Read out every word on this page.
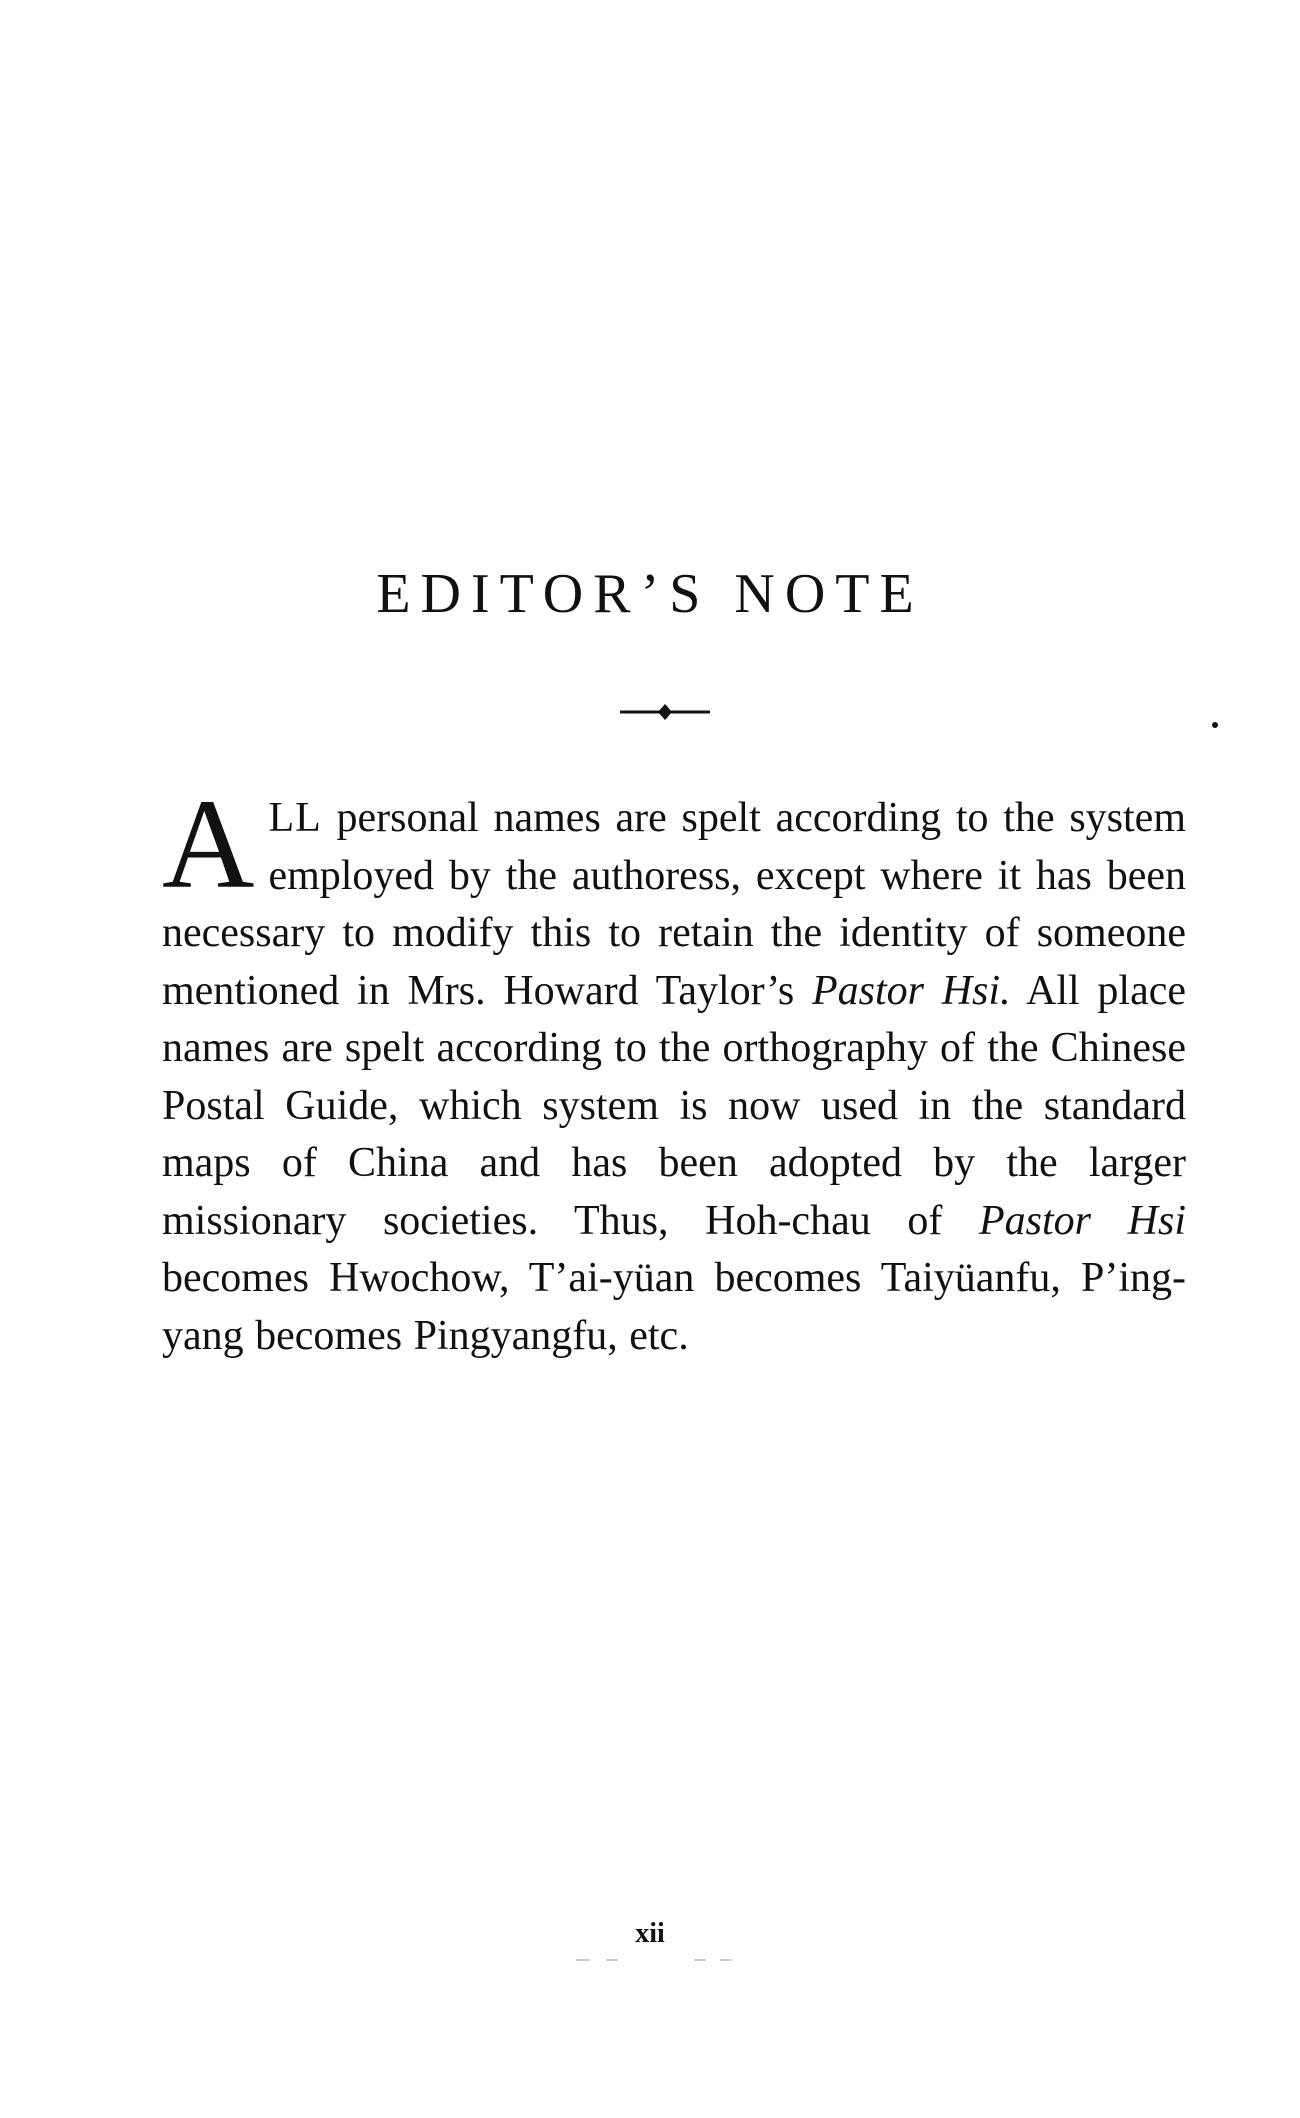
EDITOR’S NOTE
ALL personal names are spelt according to the system employed by the authoress, except where it has been necessary to modify this to retain the identity of someone mentioned in Mrs. Howard Taylor’s Pastor Hsi. All place names are spelt according to the orthography of the Chinese Postal Guide, which system is now used in the standard maps of China and has been adopted by the larger missionary societies. Thus, Hoh-chau of Pastor Hsi becomes Hwochow, T’ai-yüan becomes Taiyüanfu, P’ing-yang becomes Pingyangfu, etc.
xii
